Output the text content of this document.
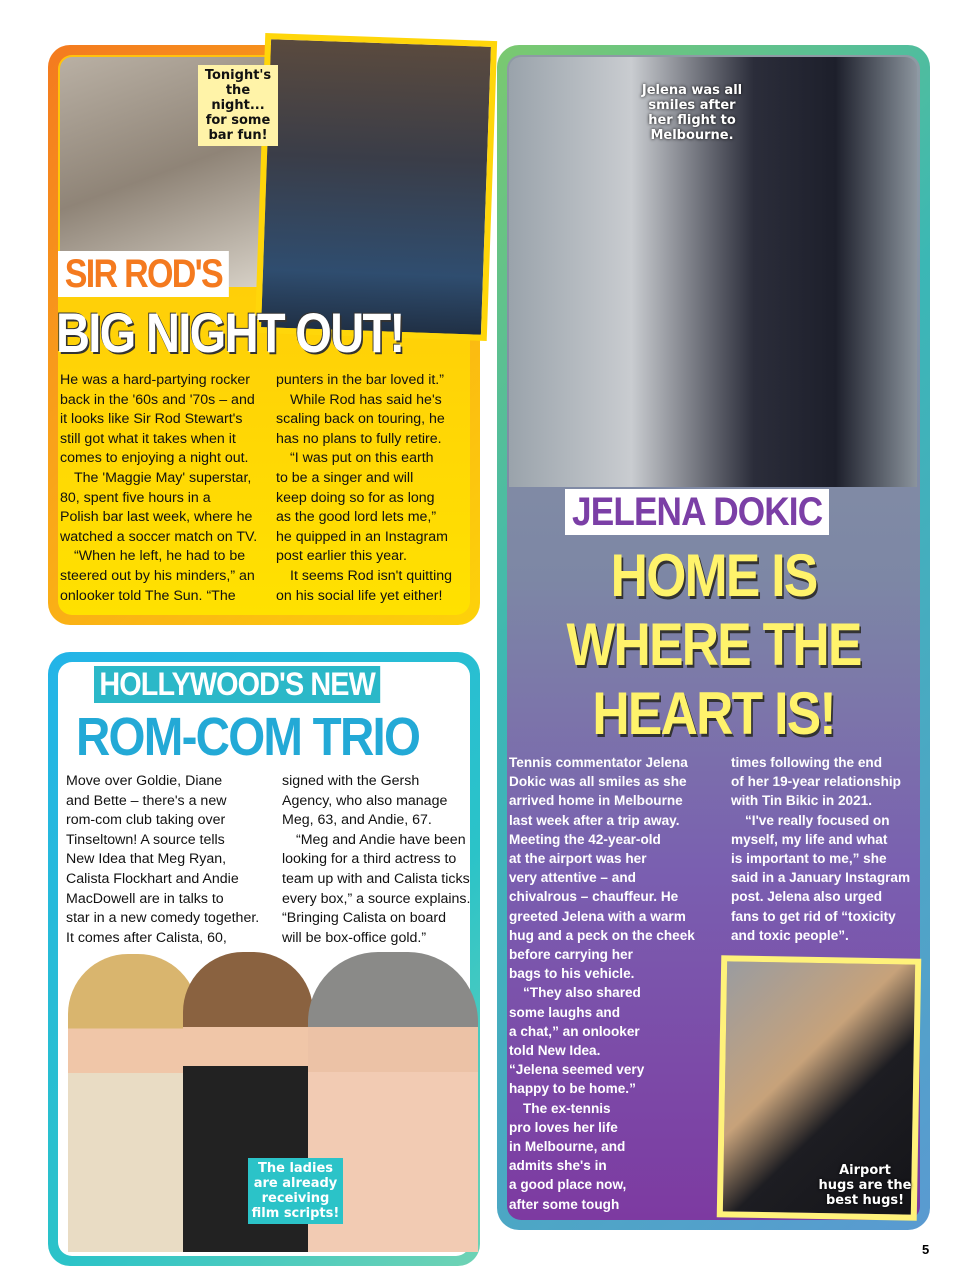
Tonight's
the night...
for some
bar fun!
SIR ROD'S
BIG NIGHT OUT!
He was a hard-partying rocker
back in the '60s and '70s – and
it looks like Sir Rod Stewart's
still got what it takes when it
comes to enjoying a night out.
The 'Maggie May' superstar,
80, spent five hours in a
Polish bar last week, where he
watched a soccer match on TV.
“When he left, he had to be
steered out by his minders,” an
onlooker told The Sun. “The
punters in the bar loved it.”
While Rod has said he's
scaling back on touring, he
has no plans to fully retire.
“I was put on this earth
to be a singer and will
keep doing so for as long
as the good lord lets me,”
he quipped in an Instagram
post earlier this year.
It seems Rod isn't quitting
on his social life yet either!
HOLLYWOOD'S NEW
ROM-COM TRIO
Move over Goldie, Diane
and Bette – there's a new
rom-com club taking over
Tinseltown! A source tells
New Idea that Meg Ryan,
Calista Flockhart and Andie
MacDowell are in talks to
star in a new comedy together.
It comes after Calista, 60,
signed with the Gersh
Agency, who also manage
Meg, 63, and Andie, 67.
“Meg and Andie have been
looking for a third actress to
team up with and Calista ticks
every box,” a source explains.
“Bringing Calista on board
will be box-office gold.”
The ladies
are already
receiving
film scripts!
Jelena was all
smiles after
her flight to
Melbourne.
JELENA DOKIC
HOME IS
WHERE THE
HEART IS!
Tennis commentator Jelena
Dokic was all smiles as she
arrived home in Melbourne
last week after a trip away.
Meeting the 42-year-old
at the airport was her
very attentive – and
chivalrous – chauffeur. He
greeted Jelena with a warm
hug and a peck on the cheek
before carrying her
bags to his vehicle.
“They also shared
some laughs and
a chat,” an onlooker
told New Idea.
“Jelena seemed very
happy to be home.”
The ex-tennis
pro loves her life
in Melbourne, and
admits she's in
a good place now,
after some tough
times following the end
of her 19-year relationship
with Tin Bikic in 2021.
“I've really focused on
myself, my life and what
is important to me,” she
said in a January Instagram
post. Jelena also urged
fans to get rid of “toxicity
and toxic people”.
Airport
hugs are the
best hugs!
5
